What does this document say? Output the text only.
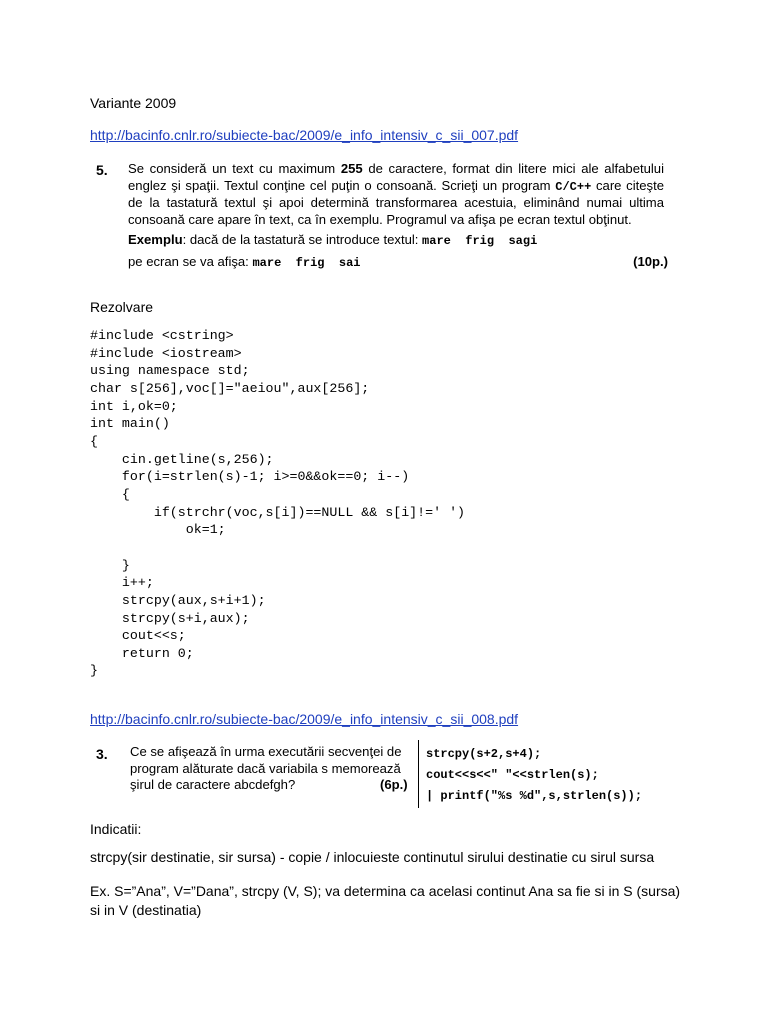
Variante 2009
http://bacinfo.cnlr.ro/subiecte-bac/2009/e_info_intensiv_c_sii_007.pdf
5. Se consideră un text cu maximum 255 de caractere, format din litere mici ale alfabetului englez şi spaţii. Textul conţine cel puţin o consoană. Scrieţi un program C/C++ care citeşte de la tastatură textul şi apoi determină transformarea acestuia, eliminând numai ultima consoană care apare în text, ca în exemplu. Programul va afişa pe ecran textul obţinut.
Exemplu: dacă de la tastatură se introduce textul: mare  frig  sagi
pe ecran se va afişa: mare  frig  sai	(10p.)
Rezolvare
#include <cstring>
#include <iostream>
using namespace std;
char s[256],voc[]="aeiou",aux[256];
int i,ok=0;
int main()
{
cin.getline(s,256);
for(i=strlen(s)-1; i>=0&&ok==0; i--)
{
if(strchr(voc,s[i])==NULL && s[i]!=' ')
ok=1;

}
i++;
strcpy(aux,s+i+1);
strcpy(s+i,aux);
cout<<s;
return 0;
}
http://bacinfo.cnlr.ro/subiecte-bac/2009/e_info_intensiv_c_sii_008.pdf
3. Ce se afişează în urma executării secvenţei de program alăturate dacă variabila s memorează şirul de caractere abcdefgh?	(6p.)
strcpy(s+2,s+4);
cout<<s<<" "<<strlen(s);
| printf("%s %d",s,strlen(s));
Indicatii:
strcpy(sir destinatie, sir sursa) - copie / inlocuieste continutul sirului destinatie cu sirul sursa
Ex. S=”Ana”, V=”Dana”, strcpy (V, S); va determina ca acelasi continut Ana sa fie si in S (sursa) si in V (destinatia)
